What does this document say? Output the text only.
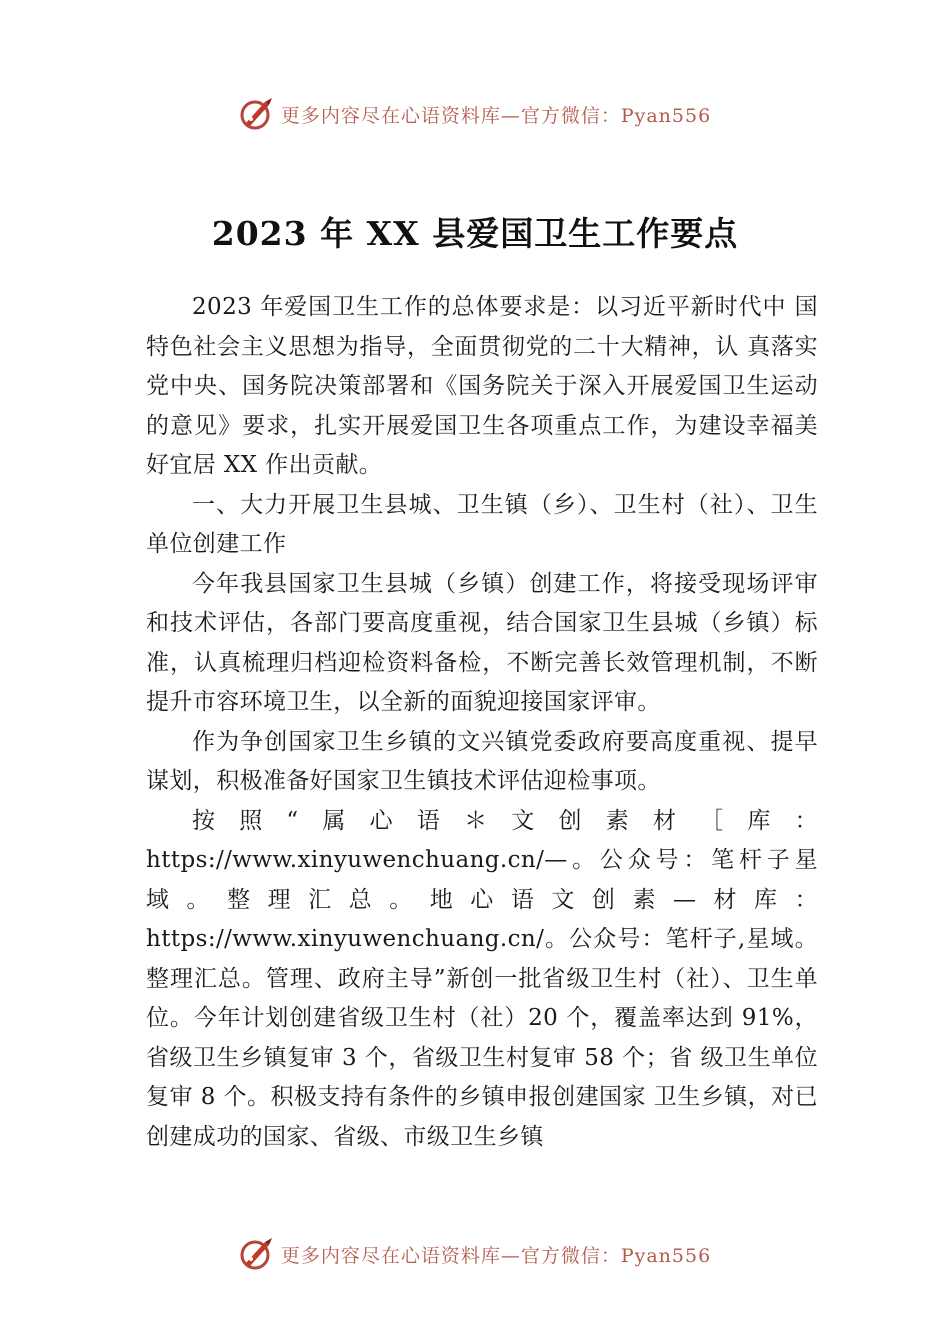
更多内容尽在心语资料库—官方微信：Pyan556
2023 年 XX 县爱国卫生工作要点

2023 年爱国卫生工作的总体要求是：以习近平新时代中 国特色社会主义思想为指导，全面贯彻党的二十大精神，认 真落实党中央、国务院决策部署和《国务院关于深入开展爱国卫生运动的意见》要求，扎实开展爱国卫生各项重点工作，为建设幸福美好宜居 XX 作出贡献。

一、大力开展卫生县城、卫生镇（乡）、卫生村（社）、卫生单位创建工作

今年我县国家卫生县城（乡镇）创建工作，将接受现场评审和技术评估，各部门要高度重视，结合国家卫生县城（乡镇）标准，认真梳理归档迎检资料备检，不断完善长效管理机制，不断提升市容环境卫生，以全新的面貌迎接国家评审。

作为争创国家卫生乡镇的文兴镇党委政府要高度重视、提早谋划，积极准备好国家卫生镇技术评估迎检事项。

按照“属心语＊文创素材［库：https://www.xinyuwenchuang.cn/—。公众号：笔杆子星域。整理汇总。地心语文创素—材库：https://www.xinyuwenchuang.cn/。公众号：笔杆子,星域。整理汇总。管理、政府主导”新创一批省级卫生村（社）、卫生单位。今年计划创建省级卫生村（社）20 个，覆盖率达到 91%，省级卫生乡镇复审 3 个，省级卫生村复审 58 个；省 级卫生单位复审 8 个。积极支持有条件的乡镇申报创建国家 卫生乡镇，对已创建成功的国家、省级、市级卫生乡镇

更多内容尽在心语资料库—官方微信：Pyan556
